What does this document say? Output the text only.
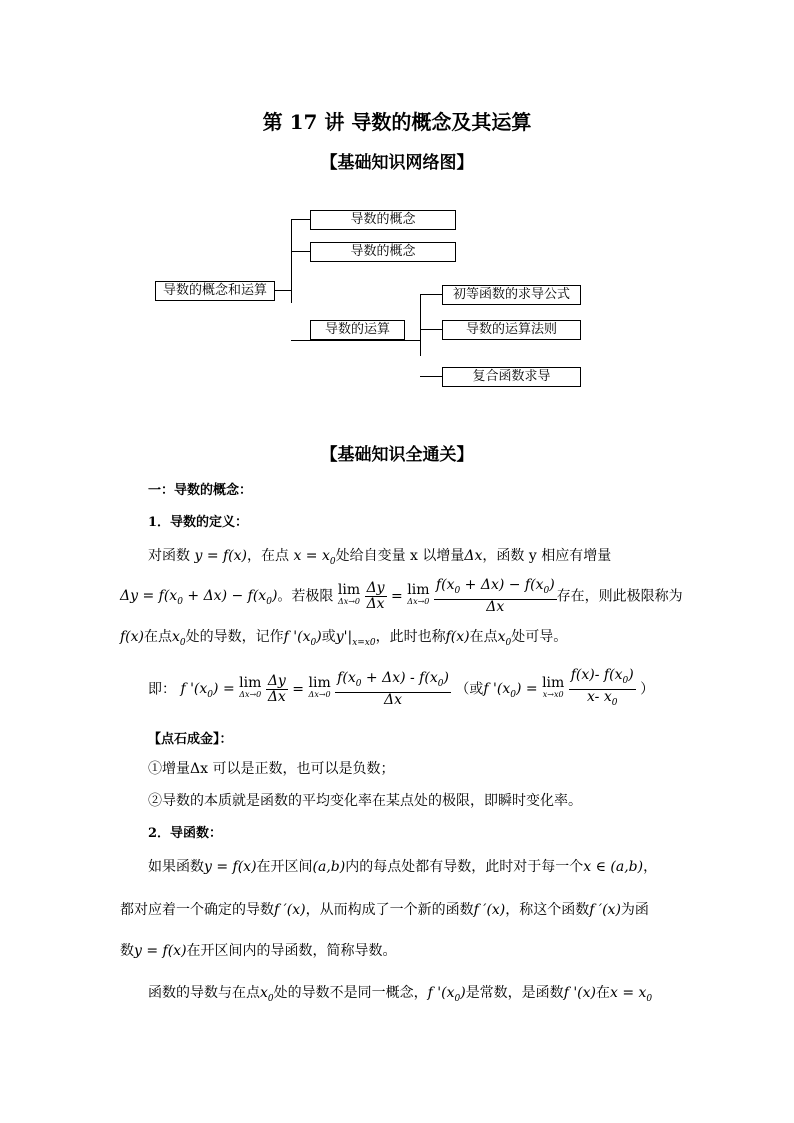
第 17 讲 导数的概念及其运算
【基础知识网络图】
导数的概念和运算
导数的概念
导数的概念
导数的运算
初等函数的求导公式
导数的运算法则
复合函数求导
【基础知识全通关】
一：导数的概念：
1．导数的定义：
对函数 y = f(x)，在点 $x = x_0$处给自变量 x 以增量Δx，函数 y 相应有增量
$\Delta y = f(x_0 + \Delta x) - f(x_0)$。若极限 lim
Δx→0
$\frac{\Delta y}{\Delta x} = \lim$
Δx→0
$\frac{f(x_0 + \Delta x) - f(x_0)}{\Delta x}$ 存在，则此极限称为
f(x)在点$x_0$处的导数，记作f '$(x_0)$或$y'|_{x=x0}$，此时也称f(x)在点$x_0$处可导。
即： f '$(x_0) = \lim$
Δx→0
$\frac{\Delta y}{\Delta x} = \lim$
Δx→0
$\frac{f(x_0 + \Delta x) - f(x_0)}{\Delta x}$ （或f '$(x_0) = \lim$
x→x0
$\frac{f(x)- f(x_0)}{x- x_0}$ ）
【点石成金】：
①增量Δx 可以是正数，也可以是负数；
②导数的本质就是函数的平均变化率在某点处的极限，即瞬时变化率。
2．导函数：
如果函数y = f(x)在开区间(a,b)内的每点处都有导数，此时对于每一个x ∈ (a,b)，
都对应着一个确定的导数f ′(x)，从而构成了一个新的函数f ′(x)，称这个函数f ′(x)为函
数y = f(x)在开区间内的导函数，简称导数。
函数的导数与在点$x_0$处的导数不是同一概念，f '$(x_0)$是常数，是函数f '(x)在$x = x_0$
